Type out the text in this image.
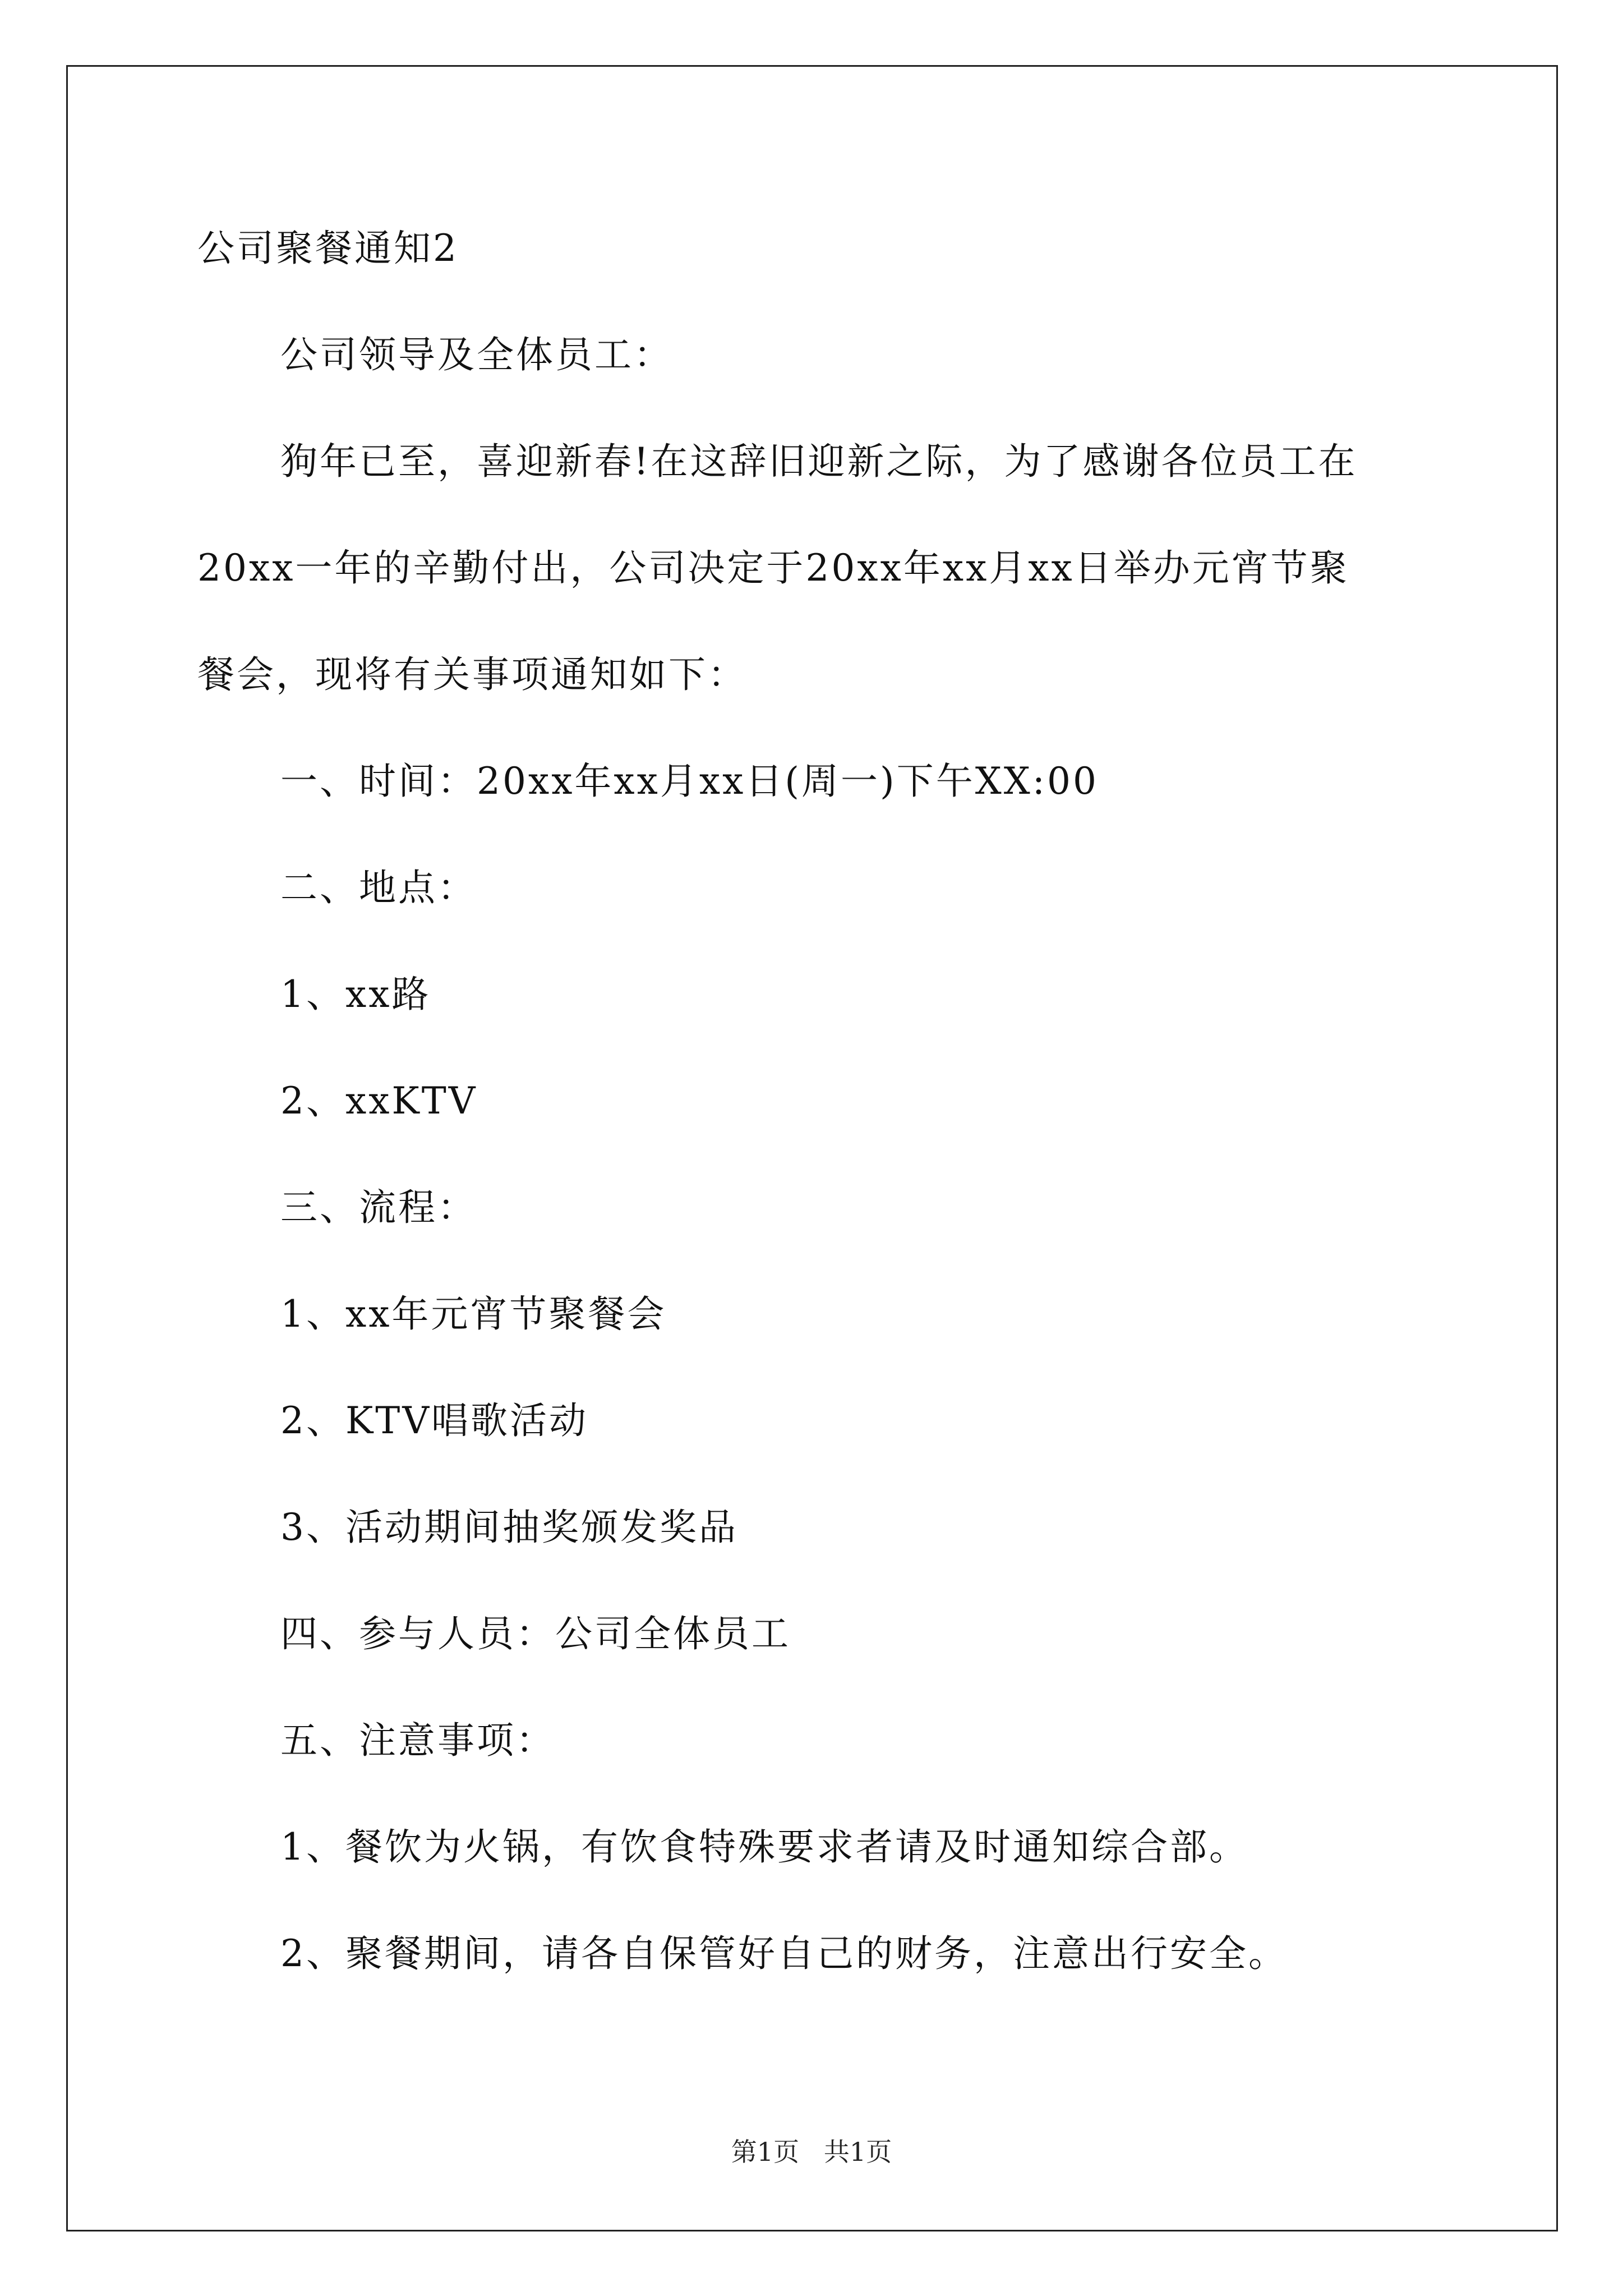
公司聚餐通知2
公司领导及全体员工：
狗年已至，喜迎新春!在这辞旧迎新之际，为了感谢各位员工在
20xx一年的辛勤付出，公司决定于20xx年xx月xx日举办元宵节聚
餐会，现将有关事项通知如下：
一、时间：20xx年xx月xx日(周一)下午XX:00
二、地点：
1、xx路
2、xxKTV
三、流程：
1、xx年元宵节聚餐会
2、KTV唱歌活动
3、活动期间抽奖颁发奖品
四、参与人员：公司全体员工
五、注意事项：
1、餐饮为火锅，有饮食特殊要求者请及时通知综合部。
2、聚餐期间，请各自保管好自己的财务，注意出行安全。
第1页   共1页
